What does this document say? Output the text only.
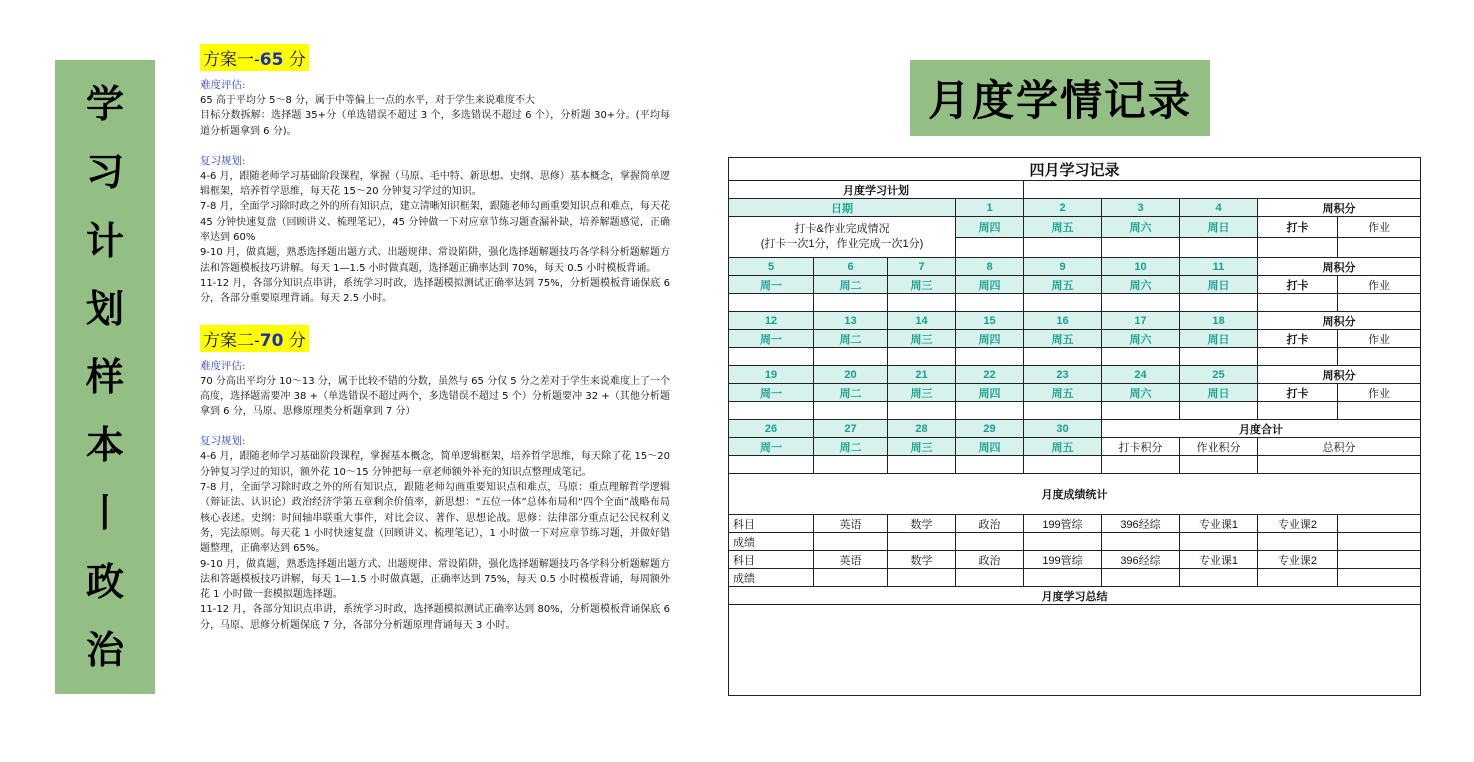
学
习
计
划
样
本
丨
政
治
方案一-65 分
难度评估:

65 高于平均分 5～8 分，属于中等偏上一点的水平，对于学生来说难度不大

目标分数拆解：选择题 35+分（单选错误不超过 3 个，多选错误不超过 6 个），分析题 30+分。(平均每道分析题拿到 6 分)。

复习规划:

4-6 月，跟随老师学习基础阶段课程，掌握（马原、毛中特、新思想、史纲、思修）基本概念，掌握简单逻辑框架，培养哲学思维，每天花 15～20 分钟复习学过的知识。

7-8 月，全面学习除时政之外的所有知识点，建立清晰知识框架，跟随老师勾画重要知识点和难点，每天花 45 分钟快速复盘（回顾讲义、梳理笔记），45 分钟做一下对应章节练习题查漏补缺，培养解题感觉，正确率达到 60%

9-10 月，做真题，熟悉选择题出题方式、出题规律、常设陷阱，强化选择题解题技巧各学科分析题解题方法和答题模板技巧讲解。每天 1—1.5 小时做真题，选择题正确率达到 70%，每天 0.5 小时模板背诵。

11-12 月，各部分知识点串讲，系统学习时政，选择题模拟测试正确率达到 75%，分析题模板背诵保底 6 分，各部分重要原理背诵。每天 2.5 小时。

方案二-70 分
难度评估:

70 分高出平均分 10～13 分，属于比较不错的分数，虽然与 65 分仅 5 分之差对于学生来说难度上了一个高度，选择题需要冲 38 +（单选错误不超过两个，多选错误不超过 5 个）分析题要冲 32 +（其他分析题拿到 6 分，马原、思修原理类分析题拿到 7 分）

复习规划:

4-6 月，跟随老师学习基础阶段课程，掌握基本概念，简单逻辑框架，培养哲学思维，每天除了花 15～20 分钟复习学过的知识，额外花 10～15 分钟把每一章老师额外补充的知识点整理成笔记。

7-8 月，全面学习除时政之外的所有知识点，跟随老师勾画重要知识点和难点，马原：重点理解哲学逻辑（辩证法、认识论）政治经济学第五章剩余价值率，新思想：“五位一体”总体布局和“四个全面”战略布局核心表述。史纲：时间轴串联重大事件，对比会议、著作、思想论战。思修：法律部分重点记公民权利义务，宪法原则。每天花 1 小时快速复盘（回顾讲义、梳理笔记），1 小时做一下对应章节练习题，并做好错题整理，正确率达到 65%。

9-10 月，做真题，熟悉选择题出题方式、出题规律、常设陷阱，强化选择题解题技巧各学科分析题解题方法和答题模板技巧讲解，每天 1—1.5 小时做真题，正确率达到 75%，每天 0.5 小时模板背诵，每周额外花 1 小时做一套模拟题选择题。

11-12 月，各部分知识点串讲，系统学习时政，选择题模拟测试正确率达到 80%，分析题模板背诵保底 6 分，马原、思修分析题保底 7 分，各部分分析题原理背诵每天 3 小时。

月度学情记录
四月学习记录								
月度学习计划								
日期			1	2	3	4	周积分	
打卡&作业完成情况
(打卡一次1分，作业完成一次1分)			周四	周五	周六	周日	打卡	作业

5	6	7	8	9	10	11	周积分	
周一	周二	周三	周四	周五	周六	周日	打卡	作业

12	13	14	15	16	17	18	周积分	
周一	周二	周三	周四	周五	周六	周日	打卡	作业

19	20	21	22	23	24	25	周积分	
周一	周二	周三	周四	周五	周六	周日	打卡	作业

26	27	28	29	30	月度合计			
周一	周二	周三	周四	周五	打卡积分	作业积分	总积分	

月度成绩统计								
科目	英语	数学	政治	199管综	396经综	专业课1	专业课2	
成绩								
科目	英语	数学	政治	199管综	396经综	专业课1	专业课2	
成绩								
月度学习总结								
